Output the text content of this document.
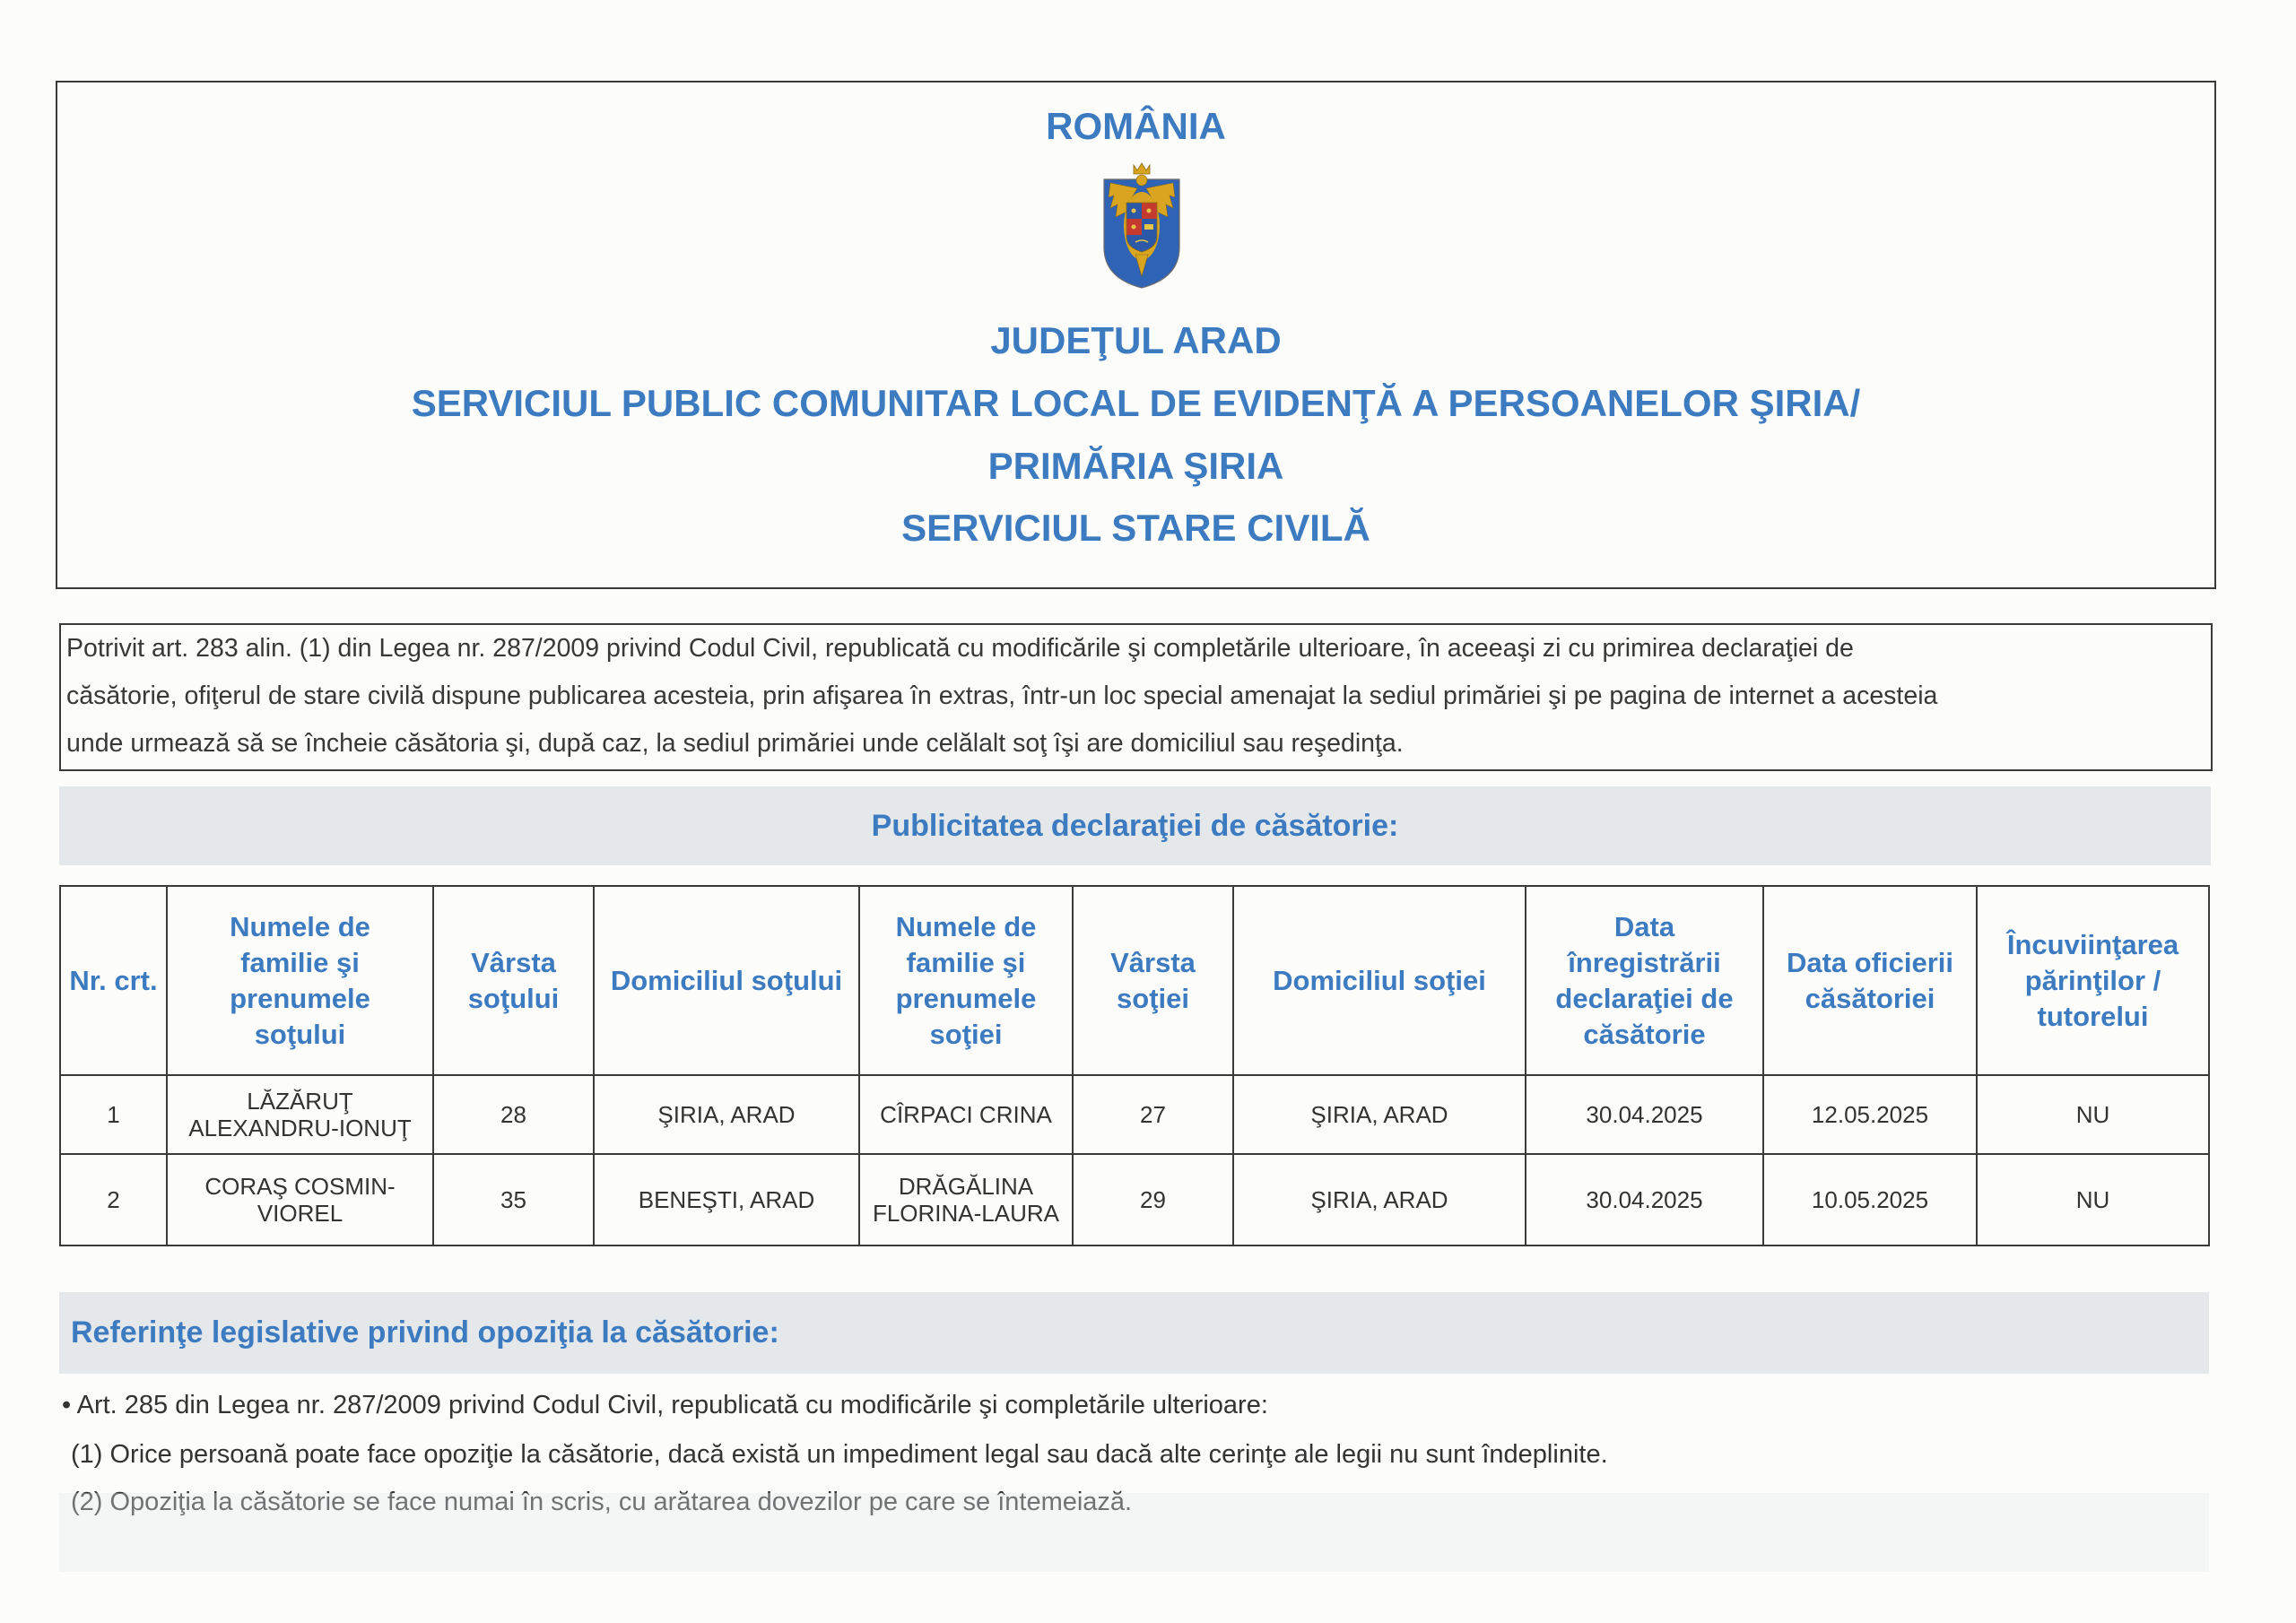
ROMÂNIA
JUDEŢUL ARAD
SERVICIUL PUBLIC COMUNITAR LOCAL DE EVIDENŢĂ A PERSOANELOR ŞIRIA/
PRIMĂRIA ŞIRIA
SERVICIUL STARE CIVILĂ
Potrivit art. 283 alin. (1) din Legea nr. 287/2009 privind Codul Civil, republicată cu modificările şi completările ulterioare, în aceeaşi zi cu primirea declaraţiei de
căsătorie, ofiţerul de stare civilă dispune publicarea acesteia, prin afişarea în extras, într-un loc special amenajat la sediul primăriei şi pe pagina de internet a acesteia
unde urmează să se încheie căsătoria şi, după caz, la sediul primăriei unde celălalt soţ îşi are domiciliul sau reşedinţa.
Publicitatea declaraţiei de căsătorie:
Nr. crt.	Numele de familie şi prenumele soţului	Vârsta soţului	Domiciliul soţului	Numele de familie şi prenumele soţiei	Vârsta soţiei	Domiciliul soţiei	Data înregistrării declaraţiei de căsătorie	Data oficierii căsătoriei	Încuviinţarea părinţilor / tutorelui
1	LĂZĂRUŢ ALEXANDRU-IONUŢ	28	ŞIRIA, ARAD	CÎRPACI CRINA	27	ŞIRIA, ARAD	30.04.2025	12.05.2025	NU
2	CORAŞ COSMIN-VIOREL	35	BENEŞTI, ARAD	DRĂGĂLINA FLORINA-LAURA	29	ŞIRIA, ARAD	30.04.2025	10.05.2025	NU
Referinţe legislative privind opoziţia la căsătorie:
• Art. 285 din Legea nr. 287/2009 privind Codul Civil, republicată cu modificările şi completările ulterioare:
(1) Orice persoană poate face opoziţie la căsătorie, dacă există un impediment legal sau dacă alte cerinţe ale legii nu sunt îndeplinite.
(2) Opoziţia la căsătorie se face numai în scris, cu arătarea dovezilor pe care se întemeiază.
